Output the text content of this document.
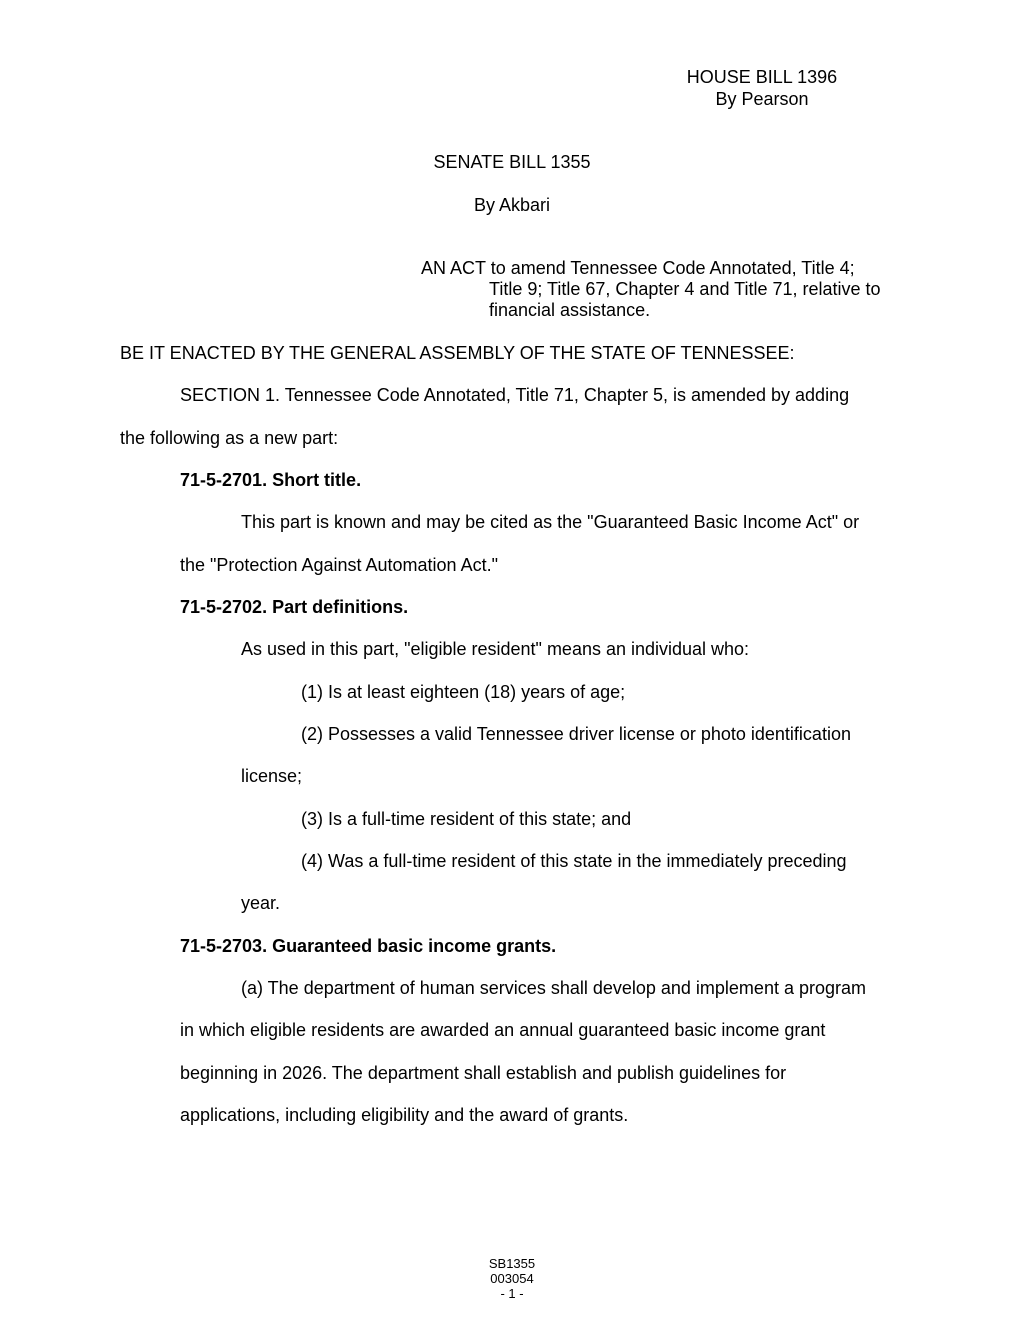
HOUSE BILL 1396
By Pearson
SENATE BILL 1355
By Akbari
AN ACT to amend Tennessee Code Annotated, Title 4;
Title 9; Title 67, Chapter 4 and Title 71, relative to
financial assistance.
BE IT ENACTED BY THE GENERAL ASSEMBLY OF THE STATE OF TENNESSEE:
SECTION 1. Tennessee Code Annotated, Title 71, Chapter 5, is amended by adding
the following as a new part:
71-5-2701. Short title.
This part is known and may be cited as the "Guaranteed Basic Income Act" or
the "Protection Against Automation Act."
71-5-2702. Part definitions.
As used in this part, "eligible resident" means an individual who:
(1) Is at least eighteen (18) years of age;
(2) Possesses a valid Tennessee driver license or photo identification
license;
(3) Is a full-time resident of this state; and
(4) Was a full-time resident of this state in the immediately preceding
year.
71-5-2703. Guaranteed basic income grants.
(a) The department of human services shall develop and implement a program
in which eligible residents are awarded an annual guaranteed basic income grant
beginning in 2026. The department shall establish and publish guidelines for
applications, including eligibility and the award of grants.
SB1355
003054
- 1 -
